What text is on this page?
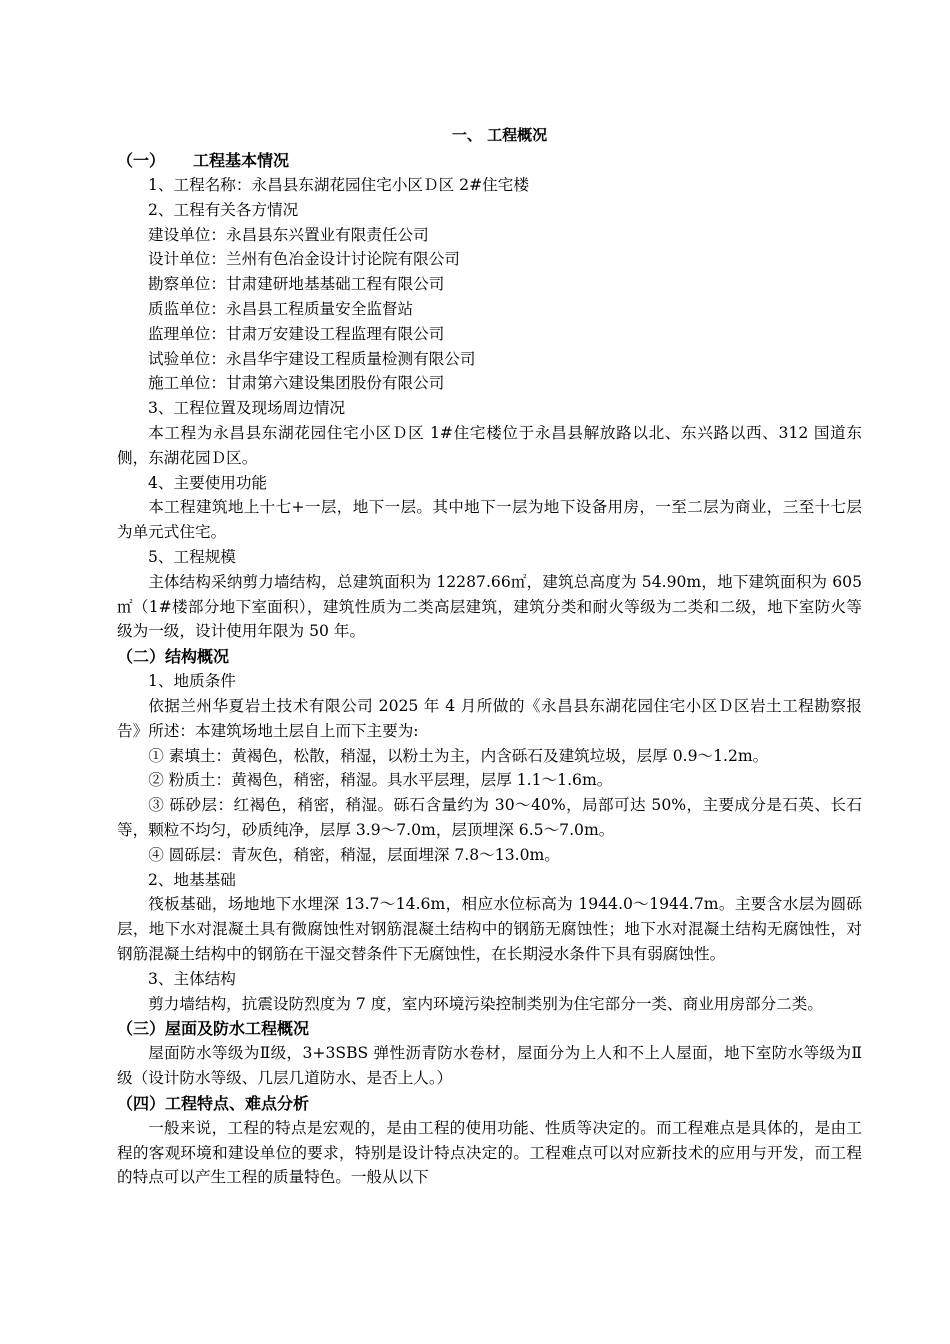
一、 工程概况
（一） 工程基本情况
1、工程名称：永昌县东湖花园住宅小区Ｄ区 2#住宅楼
2、工程有关各方情况
建设单位：永昌县东兴置业有限责任公司
设计单位：兰州有色冶金设计讨论院有限公司
勘察单位：甘肃建研地基基础工程有限公司
质监单位：永昌县工程质量安全监督站
监理单位：甘肃万安建设工程监理有限公司
试验单位：永昌华宇建设工程质量检测有限公司
施工单位：甘肃第六建设集团股份有限公司
3、工程位置及现场周边情况
本工程为永昌县东湖花园住宅小区Ｄ区 1#住宅楼位于永昌县解放路以北、东兴路以西、312 国道东侧，东湖花园Ｄ区。
4、主要使用功能
本工程建筑地上十七+一层，地下一层。其中地下一层为地下设备用房，一至二层为商业，三至十七层为单元式住宅。
5、工程规模
主体结构采纳剪力墙结构，总建筑面积为 12287.66㎡，建筑总高度为 54.90m，地下建筑面积为 605㎡（1#楼部分地下室面积），建筑性质为二类高层建筑，建筑分类和耐火等级为二类和二级，地下室防火等级为一级，设计使用年限为 50 年。
（二）结构概况
1、地质条件
依据兰州华夏岩土技术有限公司 2025 年 4 月所做的《永昌县东湖花园住宅小区Ｄ区岩土工程勘察报告》所述：本建筑场地土层自上而下主要为:
① 素填土：黄褐色，松散，稍湿，以粉土为主，内含砾石及建筑垃圾，层厚 0.9～1.2m。
② 粉质土：黄褐色，稍密，稍湿。具水平层理，层厚 1.1～1.6m。
③ 砾砂层：红褐色，稍密，稍湿。砾石含量约为 30～40%，局部可达 50%，主要成分是石英、长石等，颗粒不均匀，砂质纯净，层厚 3.9～7.0m，层顶埋深 6.5～7.0m。
④ 圆砾层：青灰色，稍密，稍湿，层面埋深 7.8～13.0m。
2、地基基础
筏板基础，场地地下水埋深 13.7～14.6m，相应水位标高为 1944.0～1944.7m。主要含水层为圆砾层，地下水对混凝土具有微腐蚀性对钢筋混凝土结构中的钢筋无腐蚀性；地下水对混凝土结构无腐蚀性，对钢筋混凝土结构中的钢筋在干湿交替条件下无腐蚀性，在长期浸水条件下具有弱腐蚀性。
3、主体结构
剪力墙结构，抗震设防烈度为 7 度，室内环境污染控制类别为住宅部分一类、商业用房部分二类。
（三）屋面及防水工程概况
屋面防水等级为Ⅱ级，3+3SBS 弹性沥青防水卷材，屋面分为上人和不上人屋面，地下室防水等级为Ⅱ级（设计防水等级、几层几道防水、是否上人。）
（四）工程特点、难点分析
一般来说，工程的特点是宏观的，是由工程的使用功能、性质等决定的。而工程难点是具体的，是由工程的客观环境和建设单位的要求，特别是设计特点决定的。工程难点可以对应新技术的应用与开发，而工程的特点可以产生工程的质量特色。一般从以下
